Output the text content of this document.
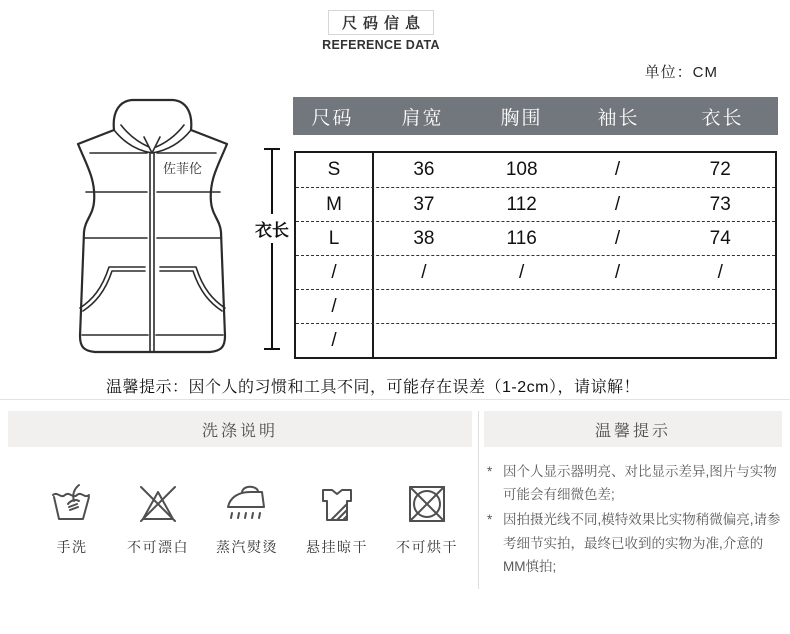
尺码信息
REFERENCE DATA
单位：CM
佐菲伦
衣长
尺码	肩宽	胸围	袖长	衣长
S	36	108	/	72
M	37	112	/	73
L	38	116	/	74
/	/	/	/	/
/
/
温馨提示：因个人的习惯和工具不同，可能存在误差（1-2cm），请谅解！
洗涤说明	温馨提示
手洗	不可漂白 蒸汽熨烫 悬挂晾干 不可烘干
* 因个人显示器明亮、对比显示差异,图片与实物可能会有细微色差;
* 因拍摄光线不同,模特效果比实物稍微偏亮,请参考细节实拍，最终已收到的实物为准,介意的MM慎拍;
